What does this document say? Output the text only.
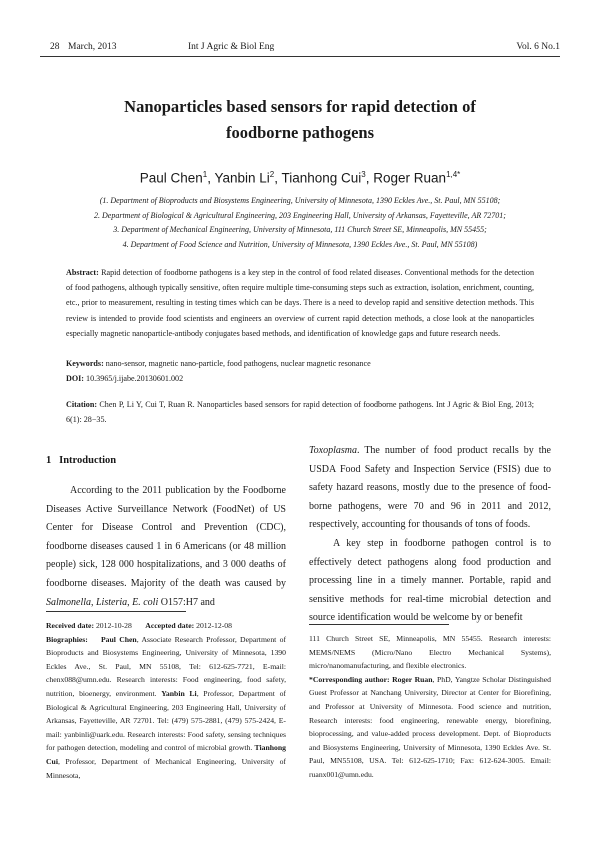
28 March, 2013	Int J Agric & Biol Eng	Vol. 6 No.1
Nanoparticles based sensors for rapid detection of
foodborne pathogens
Paul Chen$^1$, Yanbin Li$^2$, Tianhong Cui$^3$, Roger Ruan$^{1,4*}$
(1. Department of Bioproducts and Biosystems Engineering, University of Minnesota, 1390 Eckles Ave., St. Paul, MN 55108;
2. Department of Biological & Agricultural Engineering, 203 Engineering Hall, University of Arkansas, Fayetteville, AR 72701;
3. Department of Mechanical Engineering, University of Minnesota, 111 Church Street SE, Minneapolis, MN 55455;
4. Department of Food Science and Nutrition, University of Minnesota, 1390 Eckles Ave., St. Paul, MN 55108)
Abstract: Rapid detection of foodborne pathogens is a key step in the control of food related diseases. Conventional methods for the detection of food pathogens, although typically sensitive, often require multiple time-consuming steps such as extraction, isolation, enrichment, counting, etc., prior to measurement, resulting in testing times which can be days. There is a need to develop rapid and sensitive detection methods. This review is intended to provide food scientists and engineers an overview of current rapid detection methods, a close look at the nanoparticles especially magnetic nanoparticle-antibody conjugates based methods, and identification of knowledge gaps and future research needs.
Keywords: nano-sensor, magnetic nano-particle, food pathogens, nuclear magnetic resonance
DOI: 10.3965/j.ijabe.20130601.002
Citation: Chen P, Li Y, Cui T, Ruan R. Nanoparticles based sensors for rapid detection of foodborne pathogens. Int J Agric & Biol Eng, 2013; 6(1): 28−35.
1 Introduction

According to the 2011 publication by the Foodborne Diseases Active Surveillance Network (FoodNet) of US Center for Disease Control and Prevention (CDC), foodborne diseases caused 1 in 6 Americans (or 48 million people) sick, 128 000 hospitalizations, and 3 000 deaths of foodborne diseases. Majority of the death was caused by Salmonella, Listeria, E. coli O157:H7 and

Toxoplasma. The number of food product recalls by the USDA Food Safety and Inspection Service (FSIS) due to safety hazard reasons, mostly due to the presence of food-borne pathogens, were 70 and 96 in 2011 and 2012, respectively, accounting for thousands of tons of foods.

A key step in foodborne pathogen control is to effectively detect pathogens along food production and processing line in a timely manner. Portable, rapid and sensitive methods for real-time microbial detection and source identification would be welcome by or benefit

Received date: 2012-10-28 Accepted date: 2012-12-08
Biographies: Paul Chen, Associate Research Professor, Department of Bioproducts and Biosystems Engineering, University of Minnesota, 1390 Eckles Ave., St. Paul, MN 55108, Tel: 612-625-7721, E-mail: chenx088@umn.edu. Research interests: Food engineering, food safety, nutrition, bioenergy, environment. Yanbin Li, Professor, Department of Biological & Agricultural Engineering, 203 Engineering Hall, University of Arkansas, Fayetteville, AR 72701. Tel: (479) 575-2881, (479) 575-2424, E-mail: yanbinli@uark.edu. Research interests: Food safety, sensing techniques for pathogen detection, modeling and control of microbial growth. Tianhong Cui, Professor, Department of Mechanical Engineering, University of Minnesota,
111 Church Street SE, Minneapolis, MN 55455. Research interests: MEMS/NEMS (Micro/Nano Electro Mechanical Systems), micro/nanomanufacturing, and flexible electronics.
*Corresponding author: Roger Ruan, PhD, Yangtze Scholar Distinguished Guest Professor at Nanchang University, Director at Center for Biorefining, and Professor at University of Minnesota. Food science and nutrition, Research interests: food engineering, renewable energy, biorefining, bioprocessing, and value-added process development. Dept. of Bioproducts and Biosystems Engineering, University of Minnesota, 1390 Eckles Ave. St. Paul, MN55108, USA. Tel: 612-625-1710; Fax: 612-624-3005. Email: ruanx001@umn.edu.
